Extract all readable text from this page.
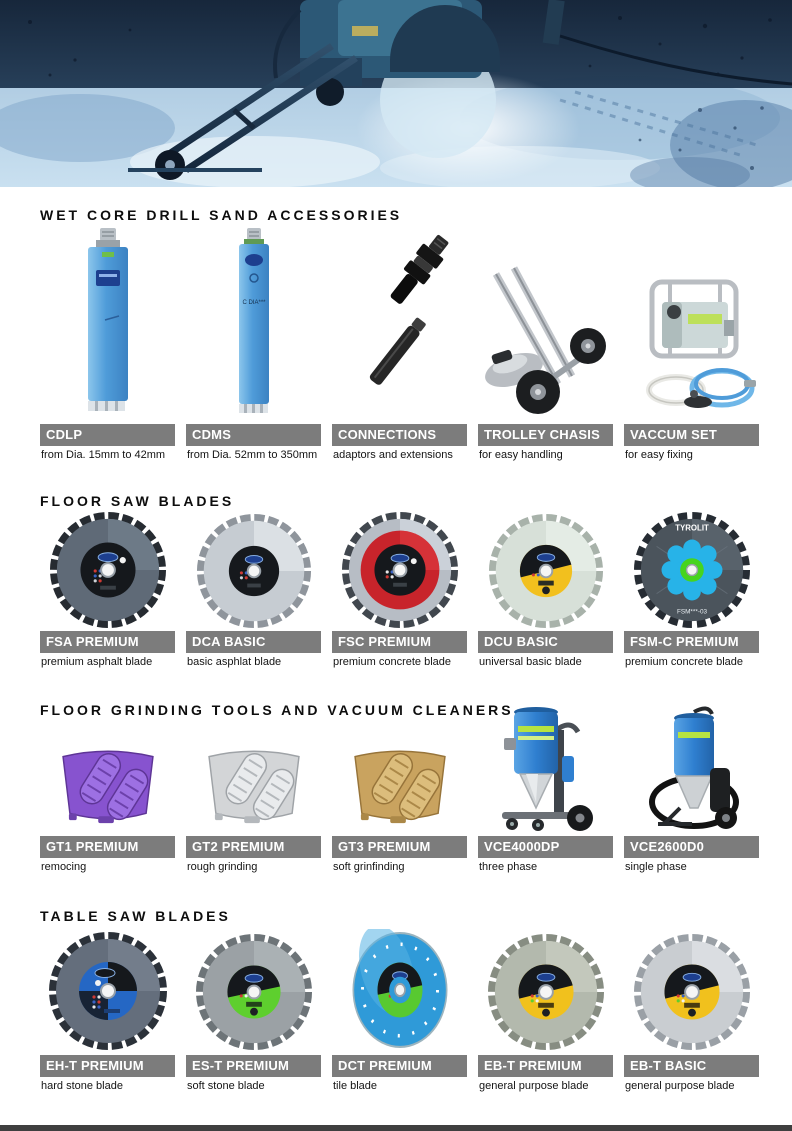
WET CORE DRILL SAND ACCESSORIES
CDLP
from Dia. 15mm to 42mm
C DIA***
CDMS
from Dia. 52mm to 350mm
CONNECTIONS
adaptors and extensions
TROLLEY CHASIS
for easy handling
VACCUM SET
for easy fixing
FLOOR SAW BLADES
FSA PREMIUM
premium asphalt blade
DCA BASIC
basic asphlat blade
FSC PREMIUM
premium concrete blade
DCU BASIC
universal basic blade
TYROLIT
FSM***-03
FSM-C PREMIUM
premium concrete blade
FLOOR GRINDING TOOLS AND VACUUM CLEANERS
GT1 PREMIUM
remocing
GT2 PREMIUM
rough grinding
GT3 PREMIUM
soft grinfinding
VCE4000DP
three phase
VCE2600D0
single phase
TABLE SAW BLADES
EH-T PREMIUM
hard stone blade
ES-T PREMIUM
soft stone blade
DCT PREMIUM
tile blade
EB-T PREMIUM
general purpose blade
EB-T BASIC
general purpose blade
